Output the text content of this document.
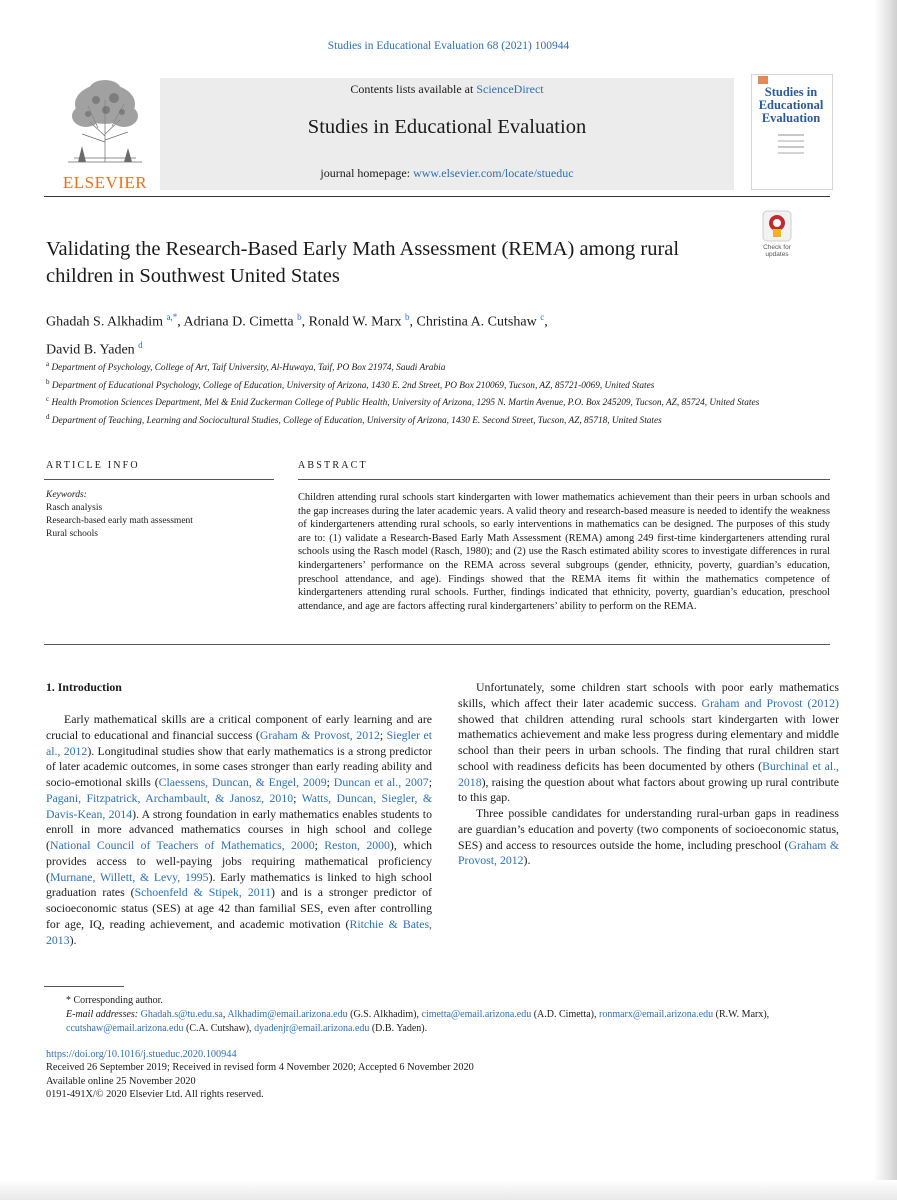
Studies in Educational Evaluation 68 (2021) 100944
ELSEVIER
Contents lists available at ScienceDirect
Studies in Educational Evaluation
journal homepage: www.elsevier.com/locate/stueduc
Studies in Educational Evaluation
Check for updates
Validating the Research-Based Early Math Assessment (REMA) among rural children in Southwest United States
Ghadah S. Alkhadim $^{a,*}$, Adriana D. Cimetta $^b$, Ronald W. Marx $^b$, Christina A. Cutshaw $^c$,
David B. Yaden $^d$
$^a$ Department of Psychology, College of Art, Taif University, Al-Huwaya, Taif, PO Box 21974, Saudi Arabia
$^b$ Department of Educational Psychology, College of Education, University of Arizona, 1430 E. 2nd Street, PO Box 210069, Tucson, AZ, 85721-0069, United States
$^c$ Health Promotion Sciences Department, Mel & Enid Zuckerman College of Public Health, University of Arizona, 1295 N. Martin Avenue, P.O. Box 245209, Tucson, AZ, 85724, United States
$^d$ Department of Teaching, Learning and Sociocultural Studies, College of Education, University of Arizona, 1430 E. Second Street, Tucson, AZ, 85718, United States
ARTICLE INFO	ABSTRACT
Keywords:
Rasch analysis
Research-based early math assessment
Rural schools
Children attending rural schools start kindergarten with lower mathematics achievement than their peers in urban schools and the gap increases during the later academic years. A valid theory and research-based measure is needed to identify the weakness of kindergarteners attending rural schools, so early interventions in mathematics can be designed. The purposes of this study are to: (1) validate a Research-Based Early Math Assessment (REMA) among 249 first-time kindergarteners attending rural schools using the Rasch model (Rasch, 1980); and (2) use the Rasch estimated ability scores to investigate differences in rural kindergarteners’ performance on the REMA across several subgroups (gender, ethnicity, poverty, guardian’s education, preschool attendance, and age). Findings showed that the REMA items fit within the mathematics competence of kindergarteners attending rural schools. Further, findings indicated that ethnicity, poverty, guardian’s education, preschool attendance, and age are factors affecting rural kindergarteners’ ability to perform on the REMA.
1. Introduction

Early mathematical skills are a critical component of early learning and are crucial to educational and financial success (Graham & Provost, 2012; Siegler et al., 2012). Longitudinal studies show that early mathematics is a strong predictor of later academic outcomes, in some cases stronger than early reading ability and socio-emotional skills (Claessens, Duncan, & Engel, 2009; Duncan et al., 2007; Pagani, Fitzpatrick, Archambault, & Janosz, 2010; Watts, Duncan, Siegler, & Davis-Kean, 2014). A strong foundation in early mathematics enables students to enroll in more advanced mathematics courses in high school and college (National Council of Teachers of Mathematics, 2000; Reston, 2000), which provides access to well-paying jobs requiring mathematical proficiency (Murnane, Willett, & Levy, 1995). Early mathematics is linked to high school graduation rates (Schoenfeld & Stipek, 2011) and is a stronger predictor of socioeconomic status (SES) at age 42 than familial SES, even after controlling for age, IQ, reading achievement, and academic motivation (Ritchie & Bates, 2013).

Unfortunately, some children start schools with poor early mathematics skills, which affect their later academic success. Graham and Provost (2012) showed that children attending rural schools start kindergarten with lower mathematics achievement and make less progress during elementary and middle school than their peers in urban schools. The finding that rural children start school with readiness deficits has been documented by others (Burchinal et al., 2018), raising the question about what factors about growing up rural contribute to this gap.

Three possible candidates for understanding rural-urban gaps in readiness are guardian’s education and poverty (two components of socioeconomic status, SES) and access to resources outside the home, including preschool (Graham & Provost, 2012).

* Corresponding author.
E-mail addresses: Ghadah.s@tu.edu.sa, Alkhadim@email.arizona.edu (G.S. Alkhadim), cimetta@email.arizona.edu (A.D. Cimetta), ronmarx@email.arizona.edu (R.W. Marx), ccutshaw@email.arizona.edu (C.A. Cutshaw), dyadenjr@email.arizona.edu (D.B. Yaden).
https://doi.org/10.1016/j.stueduc.2020.100944
Received 26 September 2019; Received in revised form 4 November 2020; Accepted 6 November 2020
Available online 25 November 2020
0191-491X/© 2020 Elsevier Ltd. All rights reserved.
